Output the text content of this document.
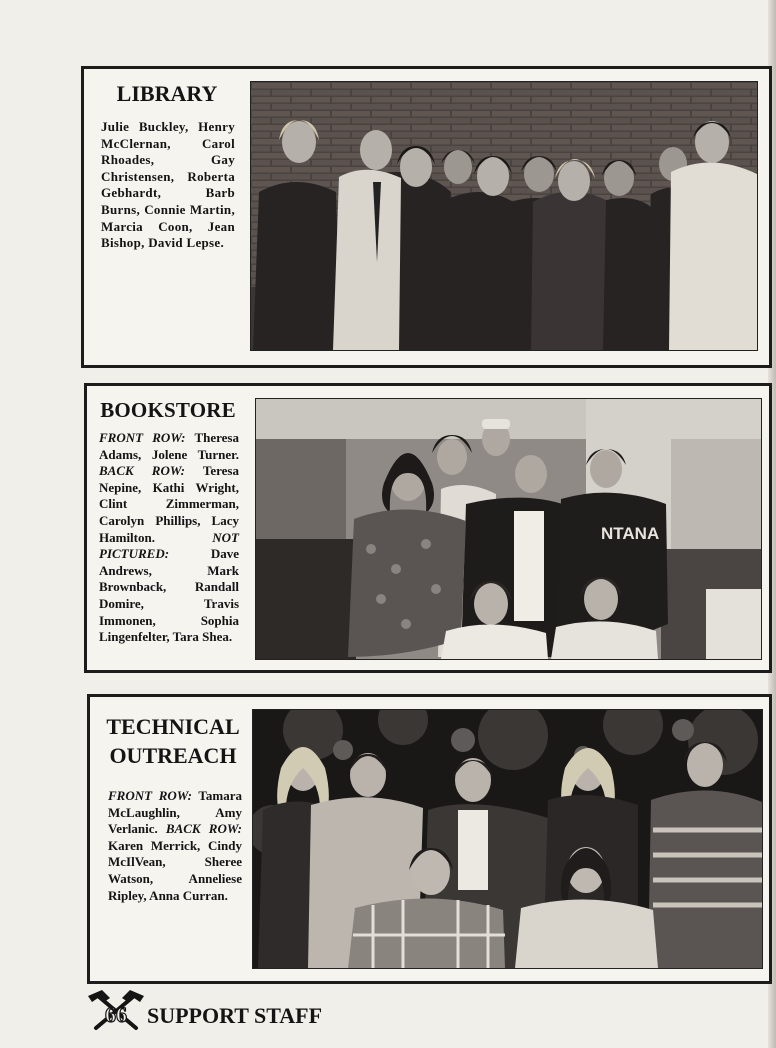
LIBRARY

Julie Buckley, Henry McClernan, Carol Rhoades, Gay Christensen, Roberta Gebhardt, Barb Burns, Connie Martin, Marcia Coon, Jean Bishop, David Lepse.

BOOKSTORE

FRONT ROW: Theresa Adams, Jolene Turner. BACK ROW: Teresa Nepine, Kathi Wright, Clint Zimmerman, Carolyn Phillips, Lacy Hamilton.	NOT PICTURED:	Dave Andrews, Mark Brownback, Randall Domire, Travis Immonen, Sophia Lingenfelter, Tara Shea.

NTANA
TECHNICAL
OUTREACH

FRONT ROW: Tamara McLaughlin, Amy Verlanic. BACK ROW: Karen Merrick, Cindy McIlVean, Sheree Watson, Anneliese Ripley, Anna Curran.

66 SUPPORT STAFF
